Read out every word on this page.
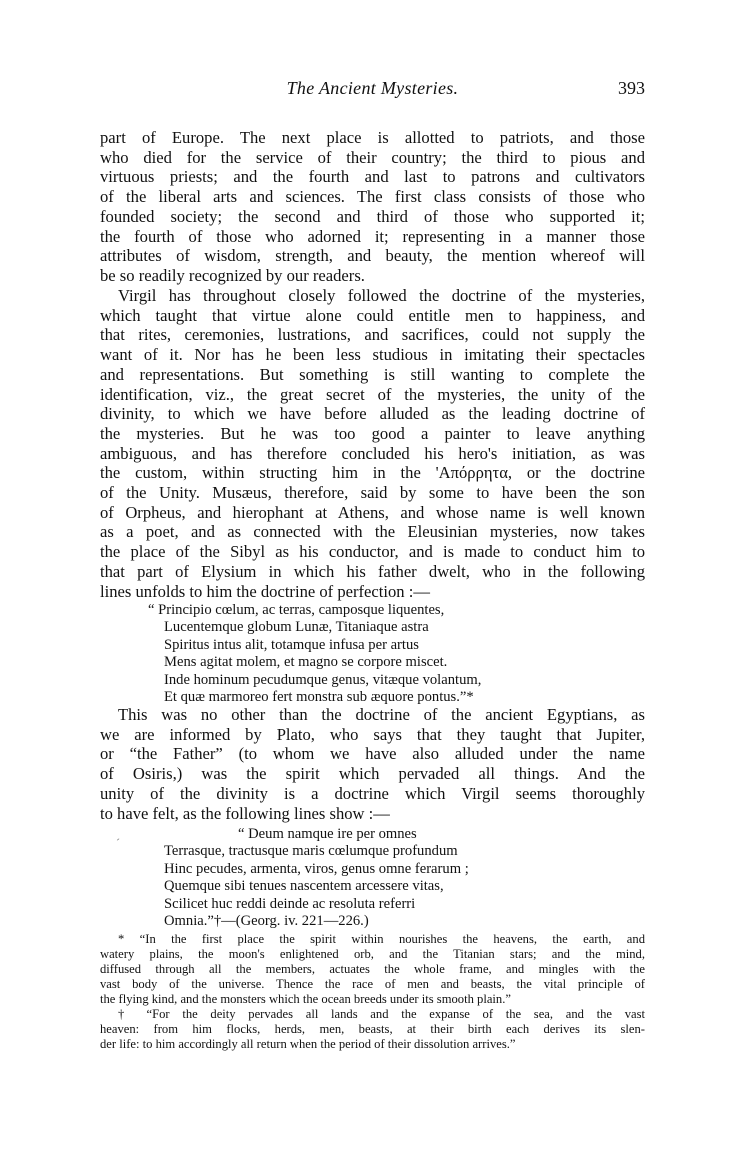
The Ancient Mysteries.	393

part of Europe. The next place is allotted to patriots, and those
who died for the service of their country; the third to pious and
virtuous priests; and the fourth and last to patrons and cultivators
of the liberal arts and sciences. The first class consists of those who
founded society; the second and third of those who supported it;
the fourth of those who adorned it; representing in a manner those
attributes of wisdom, strength, and beauty, the mention whereof will
be so readily recognized by our readers.

Virgil has throughout closely followed the doctrine of the mysteries,
which taught that virtue alone could entitle men to happiness, and
that rites, ceremonies, lustrations, and sacrifices, could not supply the
want of it. Nor has he been less studious in imitating their spectacles
and representations. But something is still wanting to complete the
identification, viz., the great secret of the mysteries, the unity of the
divinity, to which we have before alluded as the leading doctrine of
the mysteries. But he was too good a painter to leave anything
ambiguous, and has therefore concluded his hero's initiation, as was
the custom, within structing him in the 'Απόρρητα, or the doctrine
of the Unity. Musæus, therefore, said by some to have been the son
of Orpheus, and hierophant at Athens, and whose name is well known
as a poet, and as connected with the Eleusinian mysteries, now takes
the place of the Sibyl as his conductor, and is made to conduct him to
that part of Elysium in which his father dwelt, who in the following
lines unfolds to him the doctrine of perfection :—

“ Principio cœlum, ac terras, camposque liquentes,
Lucentemque globum Lunæ, Titaniaque astra
Spiritus intus alit, totamque infusa per artus
Mens agitat molem, et magno se corpore miscet.
Inde hominum pecudumque genus, vitæque volantum,
Et quæ marmoreo fert monstra sub æquore pontus.”*

This was no other than the doctrine of the ancient Egyptians, as
we are informed by Plato, who says that they taught that Jupiter,
or “the Father” (to whom we have also alluded under the name
of Osiris,) was the spirit which pervaded all things. And the
unity of the divinity is a doctrine which Virgil seems thoroughly
to have felt, as the following lines show :—

ˊ
“ Deum namque ire per omnes
Terrasque, tractusque maris cœlumque profundum
Hinc pecudes, armenta, viros, genus omne ferarum ;
Quemque sibi tenues nascentem arcessere vitas,
Scilicet huc reddi deinde ac resoluta referri
Omnia.”†—(Georg. iv. 221—226.)
* “In the first place the spirit within nourishes the heavens, the earth, and
watery plains, the moon's enlightened orb, and the Titanian stars; and the mind,
diffused through all the members, actuates the whole frame, and mingles with the
vast body of the universe. Thence the race of men and beasts, the vital principle of
the flying kind, and the monsters which the ocean breeds under its smooth plain.”
† “For the deity pervades all lands and the expanse of the sea, and the vast
heaven: from him flocks, herds, men, beasts, at their birth each derives its slen-
der life: to him accordingly all return when the period of their dissolution arrives.”
